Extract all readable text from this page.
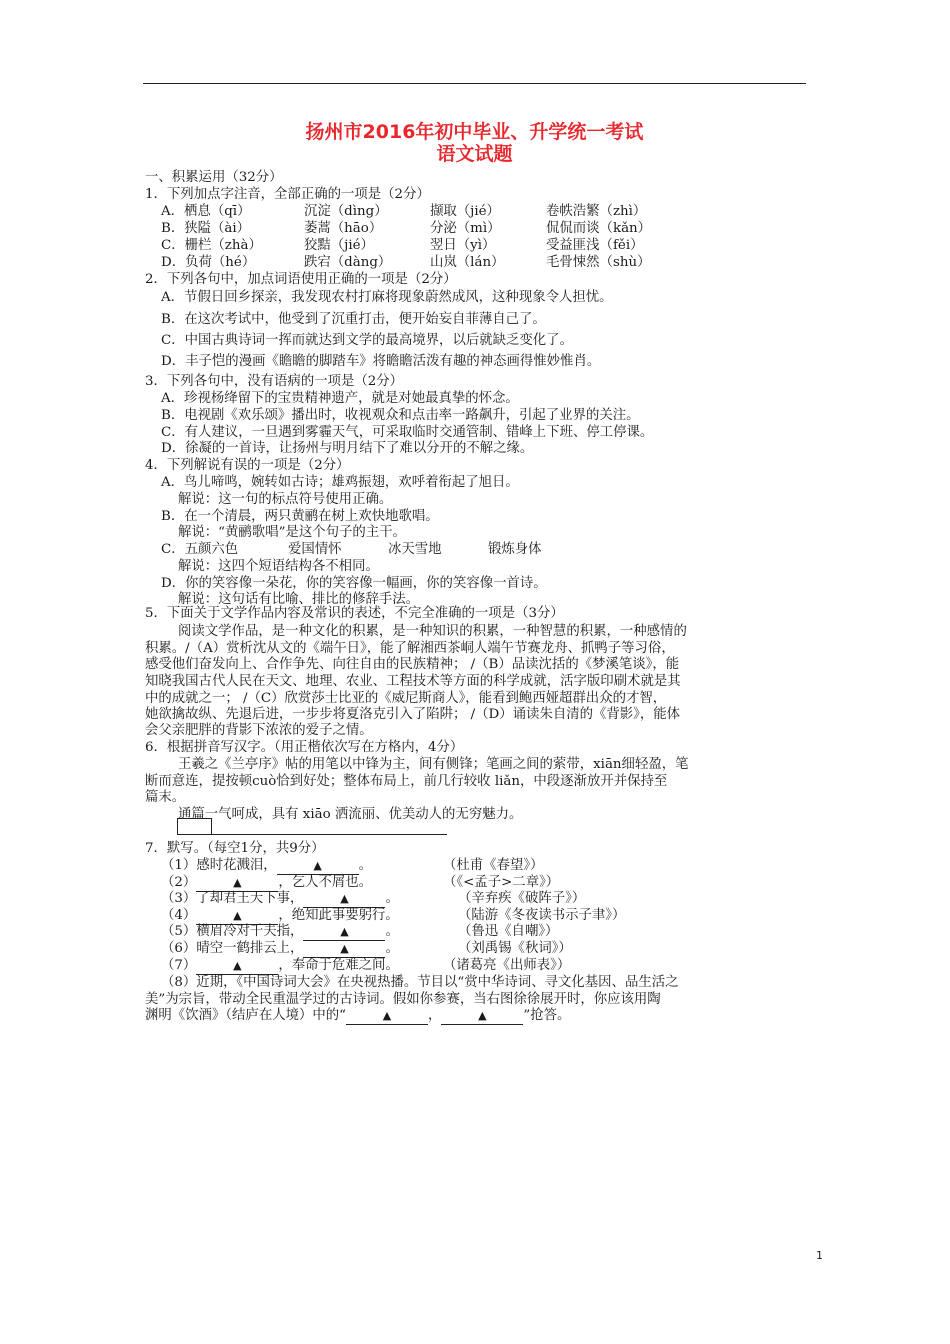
扬州市2016年初中毕业、升学统一考试
语文试题
一、积累运用（32分）
1．下列加点字注音，全部正确的一项是（2分）
A．栖息（qī）	沉淀（dìng）	撷取（jié）	卷帙浩繁（zhì）
B．狭隘（ài）	萎蒿（hāo）	分泌（mì）	侃侃而谈（kǎn）
C．栅栏（zhà）	狡黠（jié）	翌日（yì）	受益匪浅（fěi）
D．负荷（hé）	跌宕（dàng）	山岚（lán）	毛骨悚然（shù）
2．下列各句中，加点词语使用正确的一项是（2分）
A．节假日回乡探亲，我发现农村打麻将现象蔚然成风，这种现象令人担忧。
B．在这次考试中，他受到了沉重打击，便开始妄自菲薄自己了。
C．中国古典诗词一挥而就达到文学的最高境界，以后就缺乏变化了。
D．丰子恺的漫画《瞻瞻的脚踏车》将瞻瞻活泼有趣的神态画得惟妙惟肖。
3．下列各句中，没有语病的一项是（2分）
A．珍视杨绛留下的宝贵精神遗产，就是对她最真挚的怀念。
B．电视剧《欢乐颂》播出时，收视观众和点击率一路飙升，引起了业界的关注。
C．有人建议，一旦遇到雾霾天气，可采取临时交通管制、错峰上下班、停工停课。
D．徐凝的一首诗，让扬州与明月结下了难以分开的不解之缘。
4．下列解说有误的一项是（2分）
A．鸟儿啼鸣，婉转如古诗；雄鸡振翅，欢呼着衔起了旭日。
解说：这一句的标点符号使用正确。
B．在一个清晨，两只黄鹂在树上欢快地歌唱。
解说：“黄鹂歌唱”是这个句子的主干。
C．五颜六色	爱国情怀	冰天雪地	锻炼身体
解说：这四个短语结构各不相同。
D．你的笑容像一朵花，你的笑容像一幅画，你的笑容像一首诗。
解说：这句话有比喻、排比的修辞手法。
5．下面关于文学作品内容及常识的表述，不完全准确的一项是（3分）
阅读文学作品，是一种文化的积累，是一种知识的积累，一种智慧的积累，一种感情的
积累。/（A）赏析沈从文的《端午日》，能了解湘西茶峒人端午节赛龙舟、抓鸭子等习俗，
感受他们奋发向上、合作争先、向往自由的民族精神； /（B）品读沈括的《梦溪笔谈》，能
知晓我国古代人民在天文、地理、农业、工程技术等方面的科学成就，活字版印刷术就是其
中的成就之一； /（C）欣赏莎士比亚的《威尼斯商人》，能看到鲍西娅超群出众的才智，
她欲擒故纵、先退后进，一步步将夏洛克引入了陷阱； /（D）诵读朱自清的《背影》，能体
会父亲肥胖的背影下浓浓的爱子之情。
6．根据拼音写汉字。（用正楷依次写在方格内，4分）
王羲之《兰亭序》帖的用笔以中锋为主，间有侧锋；笔画之间的萦带，xiān细轻盈，笔
断而意连，提按顿cuò恰到好处；整体布局上，前几行较收 liǎn，中段逐渐放开并保持至
篇末。
通篇一气呵成，具有 xiāo 洒流丽、优美动人的无穷魅力。
7．默写。（每空1分，共9分）
（1）感时花溅泪，	▲	。	（杜甫《春望》）
（2）	▲	，乞人不屑也。	（《<孟子>二章》）
（3）了却君王天下事，	▲	。	（辛弃疾《破阵子》）
（4）	▲	，绝知此事要躬行。	（陆游《冬夜读书示子聿》）
（5）横眉冷对千夫指，	▲	。	（鲁迅《自嘲》）
（6）晴空一鹤排云上，	▲	。	（刘禹锡《秋词》）
（7）	▲	，奉命于危难之间。	（诸葛亮《出师表》）
（8）近期，《中国诗词大会》在央视热播。节目以“赏中华诗词、寻文化基因、品生活之
美”为宗旨，带动全民重温学过的古诗词。假如你参赛，当右图徐徐展开时，你应该用陶
渊明《饮酒》（结庐在人境）中的“	▲	，	▲	”抢答。
1
